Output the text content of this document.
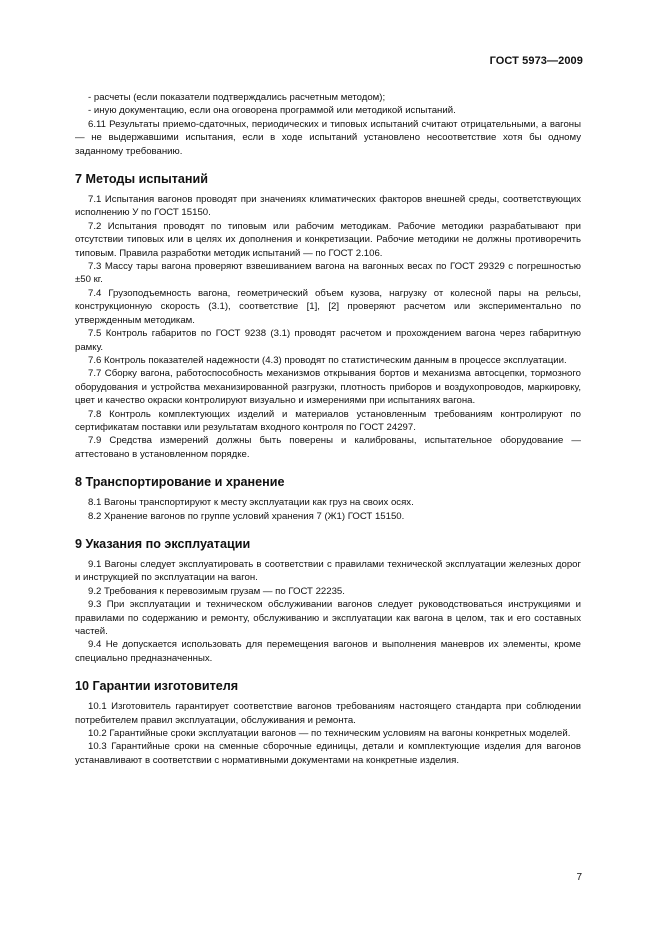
ГОСТ 5973—2009

- расчеты (если показатели подтверждались расчетным методом);

- иную документацию, если она оговорена программой или методикой испытаний.

6.11 Результаты приемо-сдаточных, периодических и типовых испытаний считают отрицательными, а вагоны — не выдержавшими испытания, если в ходе испытаний установлено несоответствие хотя бы одному заданному требованию.

7 Методы испытаний

7.1 Испытания вагонов проводят при значениях климатических факторов внешней среды, соответствующих исполнению У по ГОСТ 15150.

7.2 Испытания проводят по типовым или рабочим методикам. Рабочие методики разрабатывают при отсутствии типовых или в целях их дополнения и конкретизации. Рабочие методики не должны противоречить типовым. Правила разработки методик испытаний — по ГОСТ 2.106.

7.3 Массу тары вагона проверяют взвешиванием вагона на вагонных весах по ГОСТ 29329 с погрешностью ±50 кг.

7.4 Грузоподъемность вагона, геометрический объем кузова, нагрузку от колесной пары на рельсы, конструкционную скорость (3.1), соответствие [1], [2] проверяют расчетом или экспериментально по утвержденным методикам.

7.5 Контроль габаритов по ГОСТ 9238 (3.1) проводят расчетом и прохождением вагона через габаритную рамку.

7.6 Контроль показателей надежности (4.3) проводят по статистическим данным в процессе эксплуатации.

7.7 Сборку вагона, работоспособность механизмов открывания бортов и механизма автосцепки, тормозного оборудования и устройства механизированной разгрузки, плотность приборов и воздухопроводов, маркировку, цвет и качество окраски контролируют визуально и измерениями при испытаниях вагона.

7.8 Контроль комплектующих изделий и материалов установленным требованиям контролируют по сертификатам поставки или результатам входного контроля по ГОСТ 24297.

7.9 Средства измерений должны быть поверены и калиброваны, испытательное оборудование — аттестовано в установленном порядке.

8 Транспортирование и хранение

8.1 Вагоны транспортируют к месту эксплуатации как груз на своих осях.

8.2 Хранение вагонов по группе условий хранения 7 (Ж1) ГОСТ 15150.

9 Указания по эксплуатации

9.1 Вагоны следует эксплуатировать в соответствии с правилами технической эксплуатации железных дорог и инструкцией по эксплуатации на вагон.

9.2 Требования к перевозимым грузам — по ГОСТ 22235.

9.3 При эксплуатации и техническом обслуживании вагонов следует руководствоваться инструкциями и правилами по содержанию и ремонту, обслуживанию и эксплуатации как вагона в целом, так и его составных частей.

9.4 Не допускается использовать для перемещения вагонов и выполнения маневров их элементы, кроме специально предназначенных.

10 Гарантии изготовителя

10.1 Изготовитель гарантирует соответствие вагонов требованиям настоящего стандарта при соблюдении потребителем правил эксплуатации, обслуживания и ремонта.

10.2 Гарантийные сроки эксплуатации вагонов — по техническим условиям на вагоны конкретных моделей.

10.3 Гарантийные сроки на сменные сборочные единицы, детали и комплектующие изделия для вагонов устанавливают в соответствии с нормативными документами на конкретные изделия.

7
